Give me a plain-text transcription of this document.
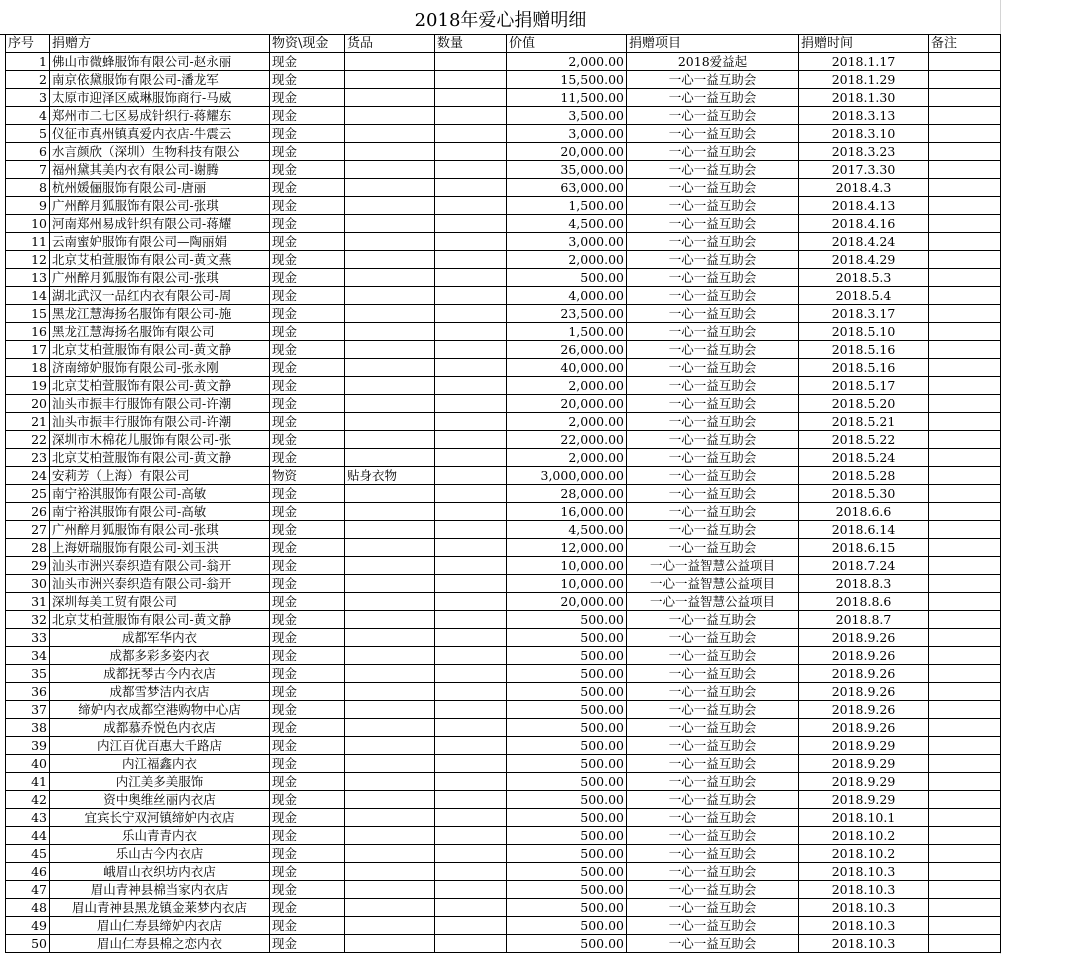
2018年爱心捐赠明细
序号	捐赠方	物资\现金	货品	数量	价值	捐赠项目	捐赠时间	备注
1	佛山市微蜂服饰有限公司-赵永丽	现金			2,000.00	2018爱益起	2018.1.17	
2	南京依黛服饰有限公司-潘龙军	现金			15,500.00	一心一益互助会	2018.1.29	
3	太原市迎泽区威琳服饰商行-马威	现金			11,500.00	一心一益互助会	2018.1.30	
4	郑州市二七区易成针织行-蒋耀东	现金			3,500.00	一心一益互助会	2018.3.13	
5	仪征市真州镇真爱内衣店-牛震云	现金			3,000.00	一心一益互助会	2018.3.10	
6	水言颜欣（深圳）生物科技有限公	现金			20,000.00	一心一益互助会	2018.3.23	
7	福州黛其美内衣有限公司-谢腾	现金			35,000.00	一心一益互助会	2017.3.30	
8	杭州媛俪服饰有限公司-唐丽	现金			63,000.00	一心一益互助会	2018.4.3	
9	广州醉月狐服饰有限公司-张琪	现金			1,500.00	一心一益互助会	2018.4.13	
10	河南郑州易成针织有限公司-蒋耀	现金			4,500.00	一心一益互助会	2018.4.16	
11	云南蜜妒服饰有限公司—陶丽娟	现金			3,000.00	一心一益互助会	2018.4.24	
12	北京艾柏萱服饰有限公司-黄文燕	现金			2,000.00	一心一益互助会	2018.4.29	
13	广州醉月狐服饰有限公司-张琪	现金			500.00	一心一益互助会	2018.5.3	
14	湖北武汉一品红内衣有限公司-周	现金			4,000.00	一心一益互助会	2018.5.4	
15	黑龙江慧海扬名服饰有限公司-施	现金			23,500.00	一心一益互助会	2018.3.17	
16	黑龙江慧海扬名服饰有限公司	现金			1,500.00	一心一益互助会	2018.5.10	
17	北京艾柏萱服饰有限公司-黄文静	现金			26,000.00	一心一益互助会	2018.5.16	
18	济南缔妒服饰有限公司-张永刚	现金			40,000.00	一心一益互助会	2018.5.16	
19	北京艾柏萱服饰有限公司-黄文静	现金			2,000.00	一心一益互助会	2018.5.17	
20	汕头市振丰行服饰有限公司-许潮	现金			20,000.00	一心一益互助会	2018.5.20	
21	汕头市振丰行服饰有限公司-许潮	现金			2,000.00	一心一益互助会	2018.5.21	
22	深圳市木棉花儿服饰有限公司-张	现金			22,000.00	一心一益互助会	2018.5.22	
23	北京艾柏萱服饰有限公司-黄文静	现金			2,000.00	一心一益互助会	2018.5.24	
24	安莉芳（上海）有限公司	物资	贴身衣物		3,000,000.00	一心一益互助会	2018.5.28	
25	南宁裕淇服饰有限公司-高敏	现金			28,000.00	一心一益互助会	2018.5.30	
26	南宁裕淇服饰有限公司-高敏	现金			16,000.00	一心一益互助会	2018.6.6	
27	广州醉月狐服饰有限公司-张琪	现金			4,500.00	一心一益互助会	2018.6.14	
28	上海妍瑞服饰有限公司-刘玉洪	现金			12,000.00	一心一益互助会	2018.6.15	
29	汕头市洲兴泰织造有限公司-翁开	现金			10,000.00	一心一益智慧公益项目	2018.7.24	
30	汕头市洲兴泰织造有限公司-翁开	现金			10,000.00	一心一益智慧公益项目	2018.8.3	
31	深圳每美工贸有限公司	现金			20,000.00	一心一益智慧公益项目	2018.8.6	
32	北京艾柏萱服饰有限公司-黄文静	现金			500.00	一心一益互助会	2018.8.7	
33	成都军华内衣	现金			500.00	一心一益互助会	2018.9.26	
34	成都多彩多姿内衣	现金			500.00	一心一益互助会	2018.9.26	
35	成都抚琴古今内衣店	现金			500.00	一心一益互助会	2018.9.26	
36	成都雪梦洁内衣店	现金			500.00	一心一益互助会	2018.9.26	
37	缔妒内衣成都空港购物中心店	现金			500.00	一心一益互助会	2018.9.26	
38	成都慕乔悦色内衣店	现金			500.00	一心一益互助会	2018.9.26	
39	内江百优百惠大千路店	现金			500.00	一心一益互助会	2018.9.29	
40	内江福鑫内衣	现金			500.00	一心一益互助会	2018.9.29	
41	内江美多美服饰	现金			500.00	一心一益互助会	2018.9.29	
42	资中奥维丝丽内衣店	现金			500.00	一心一益互助会	2018.9.29	
43	宜宾长宁双河镇缔妒内衣店	现金			500.00	一心一益互助会	2018.10.1	
44	乐山青青内衣	现金			500.00	一心一益互助会	2018.10.2	
45	乐山古今内衣店	现金			500.00	一心一益互助会	2018.10.2	
46	峨眉山衣织坊内衣店	现金			500.00	一心一益互助会	2018.10.3	
47	眉山青神县棉当家内衣店	现金			500.00	一心一益互助会	2018.10.3	
48	眉山青神县黑龙镇金莱梦内衣店	现金			500.00	一心一益互助会	2018.10.3	
49	眉山仁寿县缔妒内衣店	现金			500.00	一心一益互助会	2018.10.3	
50	眉山仁寿县棉之恋内衣	现金			500.00	一心一益互助会	2018.10.3	
